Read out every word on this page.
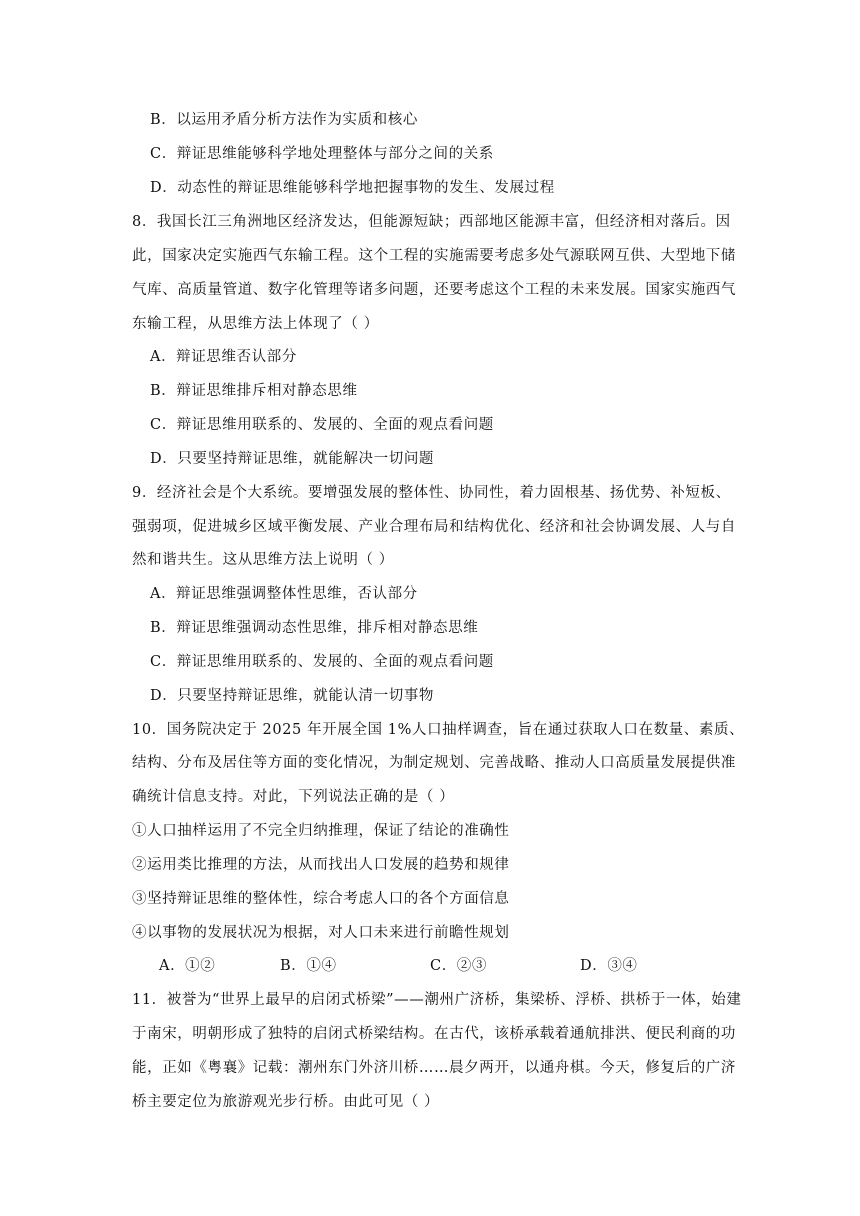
B．以运用矛盾分析方法作为实质和核心
C．辩证思维能够科学地处理整体与部分之间的关系
D．动态性的辩证思维能够科学地把握事物的发生、发展过程
8．我国长江三角洲地区经济发达，但能源短缺；西部地区能源丰富，但经济相对落后。因
此，国家决定实施西气东输工程。这个工程的实施需要考虑多处气源联网互供、大型地下储
气库、高质量管道、数字化管理等诸多问题，还要考虑这个工程的未来发展。国家实施西气
东输工程，从思维方法上体现了（ ）
A．辩证思维否认部分
B．辩证思维排斥相对静态思维
C．辩证思维用联系的、发展的、全面的观点看问题
D．只要坚持辩证思维，就能解决一切问题
9．经济社会是个大系统。要增强发展的整体性、协同性，着力固根基、扬优势、补短板、
强弱项，促进城乡区域平衡发展、产业合理布局和结构优化、经济和社会协调发展、人与自
然和谐共生。这从思维方法上说明（ ）
A．辩证思维强调整体性思维，否认部分
B．辩证思维强调动态性思维，排斥相对静态思维
C．辩证思维用联系的、发展的、全面的观点看问题
D．只要坚持辩证思维，就能认清一切事物
10．国务院决定于 2025 年开展全国 1%人口抽样调查，旨在通过获取人口在数量、素质、
结构、分布及居住等方面的变化情况，为制定规划、完善战略、推动人口高质量发展提供准
确统计信息支持。对此，下列说法正确的是（ ）
①人口抽样运用了不完全归纳推理，保证了结论的准确性
②运用类比推理的方法，从而找出人口发展的趋势和规律
③坚持辩证思维的整体性，综合考虑人口的各个方面信息
④以事物的发展状况为根据，对人口未来进行前瞻性规划
A．①②	B．①④	C．②③	D．③④
11．被誉为“世界上最早的启闭式桥梁”——潮州广济桥，集梁桥、浮桥、拱桥于一体，始建
于南宋，明朝形成了独特的启闭式桥梁结构。在古代，该桥承载着通航排洪、便民利商的功
能，正如《粤襄》记载：潮州东门外济川桥……晨夕两开，以通舟棋。今天，修复后的广济
桥主要定位为旅游观光步行桥。由此可见（ ）
